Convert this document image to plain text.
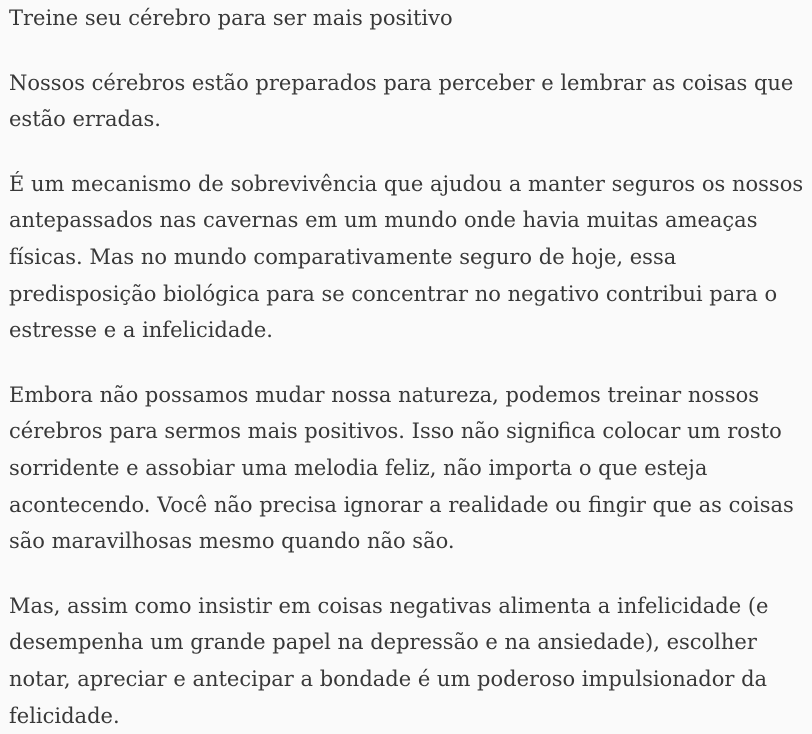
Treine seu cérebro para ser mais positivo

Nossos cérebros estão preparados para perceber e lembrar as coisas que
estão erradas.

É um mecanismo de sobrevivência que ajudou a manter seguros os nossos
antepassados nas cavernas em um mundo onde havia muitas ameaças
físicas. Mas no mundo comparativamente seguro de hoje, essa
predisposição biológica para se concentrar no negativo contribui para o
estresse e a infelicidade.

Embora não possamos mudar nossa natureza, podemos treinar nossos
cérebros para sermos mais positivos. Isso não significa colocar um rosto
sorridente e assobiar uma melodia feliz, não importa o que esteja
acontecendo. Você não precisa ignorar a realidade ou fingir que as coisas
são maravilhosas mesmo quando não são.

Mas, assim como insistir em coisas negativas alimenta a infelicidade (e
desempenha um grande papel na depressão e na ansiedade), escolher
notar, apreciar e antecipar a bondade é um poderoso impulsionador da
felicidade.
